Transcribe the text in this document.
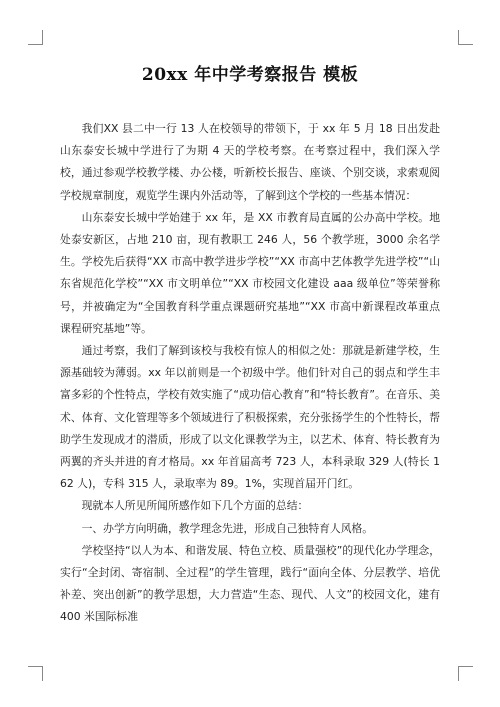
20xx 年中学考察报告 模板

我们XX 县二中一行 13 人在校领导的带领下，于 xx 年 5 月 18 日出发赴山东泰安长城中学进行了为期 4 天的学校考察。在考察过程中，我们深入学校，通过参观学校教学楼、办公楼，听新校长报告、座谈、个别交谈，求索观阅学校规章制度，观览学生课内外活动等，了解到这个学校的一些基本情况：

山东泰安长城中学始建于 xx 年，是 XX 市教育局直属的公办高中学校。地处泰安新区，占地 210 亩，现有教职工 246 人，56 个教学班，3000 余名学生。学校先后获得“XX 市高中教学进步学校”“XX 市高中艺体教学先进学校”“山东省规范化学校”“XX 市文明单位”“XX 市校园文化建设 aaa 级单位”等荣誉称号，并被确定为“全国教育科学重点课题研究基地”“XX 市高中新课程改革重点课程研究基地”等。

通过考察，我们了解到该校与我校有惊人的相似之处：那就是新建学校，生源基础较为薄弱。xx 年以前则是一个初级中学。他们针对自己的弱点和学生丰富多彩的个性特点，学校有效实施了“成功信心教育”和“特长教育”。在音乐、美术、体育、文化管理等多个领域进行了积极探索，充分张扬学生的个性特长，帮助学生发现成才的潜质，形成了以文化课教学为主，以艺术、体育、特长教育为两翼的齐头并进的育才格局。xx 年首届高考 723 人，本科录取 329 人(特长 162 人)，专科 315 人，录取率为 89。1%，实现首届开门红。

现就本人所见所闻所感作如下几个方面的总结：

一、办学方向明确，教学理念先进，形成自己独特育人风格。

学校坚持“以人为本、和谐发展、特色立校、质量强校”的现代化办学理念，实行“全封闭、寄宿制、全过程”的学生管理，践行“面向全体、分层教学、培优补差、突出创新”的教学思想，大力营造“生态、现代、人文”的校园文化，建有 400 米国际标准
